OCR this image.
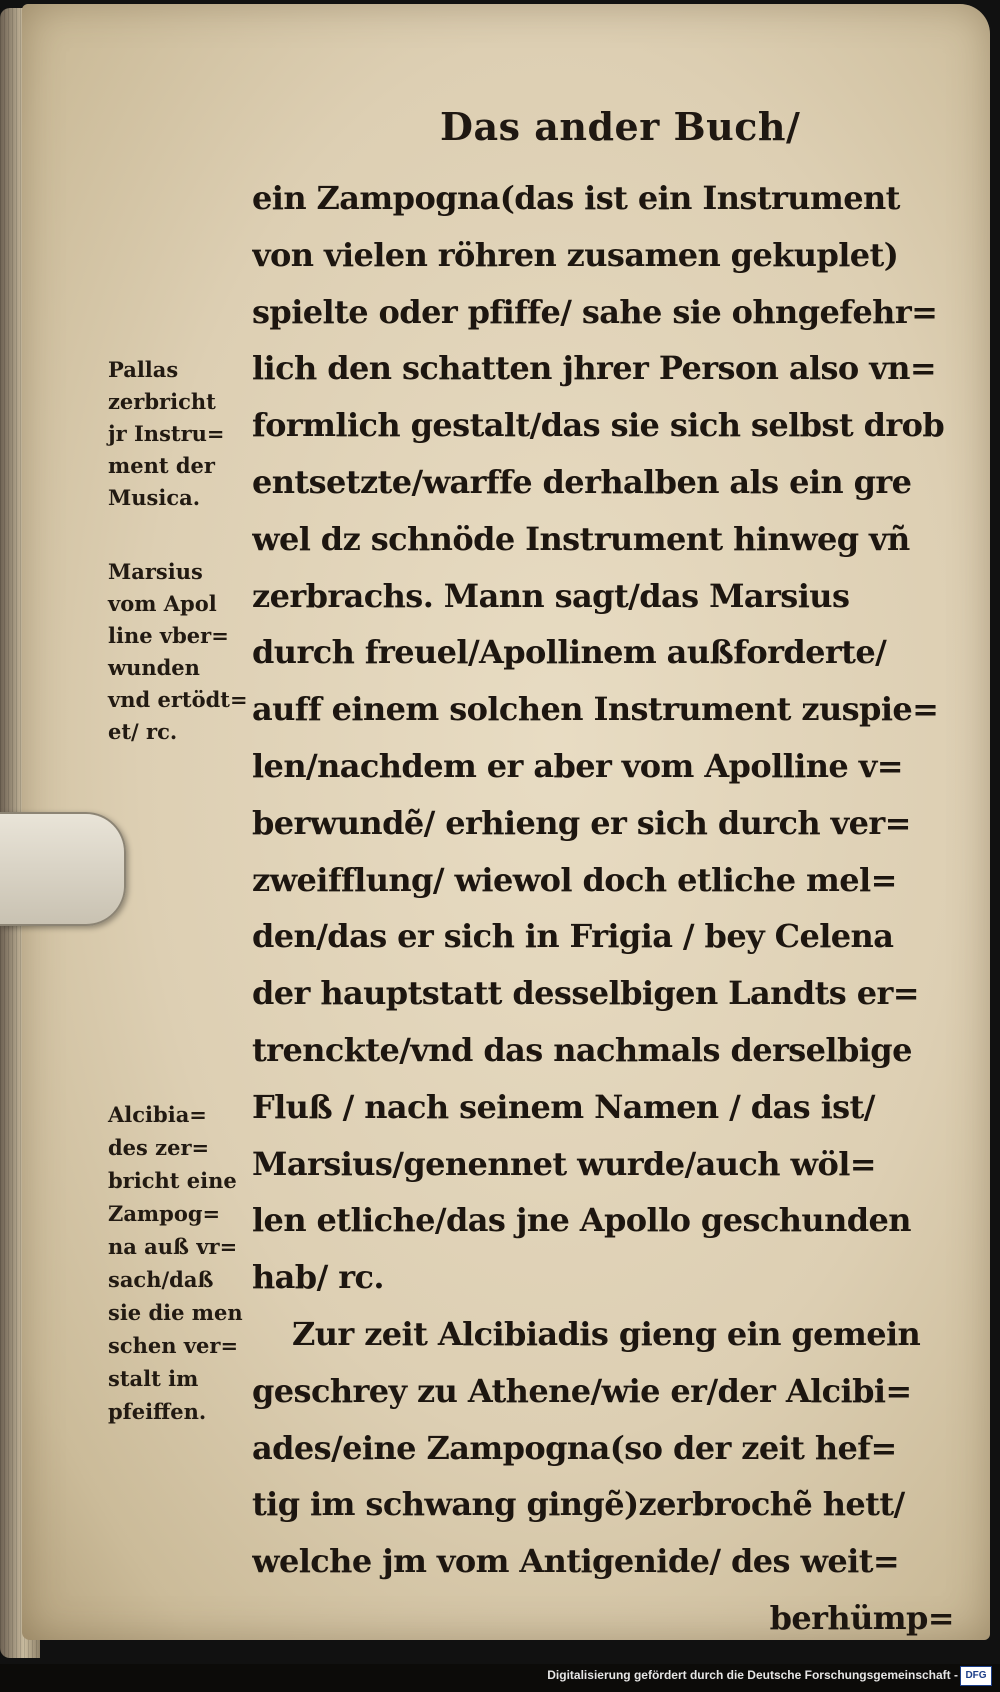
Das ander Buch/
ein Zampogna(das ist ein Instrument
von vielen röhren zusamen gekuplet)
spielte oder pfiffe/ sahe sie ohngefehr=
lich den schatten jhrer Person also vn=
formlich gestalt/das sie sich selbst drob
entsetzte/warffe derhalben als ein gre
wel dz schnöde Instrument hinweg vñ
zerbrachs. Mann sagt/das Marsius
durch freuel/Apollinem außforderte/
auff einem solchen Instrument zuspie=
len/nachdem er aber vom Apolline v=
berwundẽ/ erhieng er sich durch ver=
zweifflung/ wiewol doch etliche mel=
den/das er sich in Frigia / bey Celena
der hauptstatt desselbigen Landts er=
trenckte/vnd das nachmals derselbige
Fluß / nach seinem Namen / das ist/
Marsius/genennet wurde/auch wöl=
len etliche/das jne Apollo geschunden
hab/ rc.
Zur zeit Alcibiadis gieng ein gemein
geschrey zu Athene/wie er/der Alcibi=
ades/eine Zampogna(so der zeit hef=
tig im schwang gingẽ)zerbrochẽ hett/
welche jm vom Antigenide/ des weit=
berhümp=
Pallas
zerbricht
jr Instru=
ment der
Musica.
Marsius
vom Apol
line vber=
wunden
vnd ertödt=
et/ rc.
Alcibia=
des zer=
bricht eine
Zampog=
na auß vr=
sach/daß
sie die men
schen ver=
stalt im
pfeiffen.
Digitalisierung gefördert durch die Deutsche Forschungsgemeinschaft - DFG
